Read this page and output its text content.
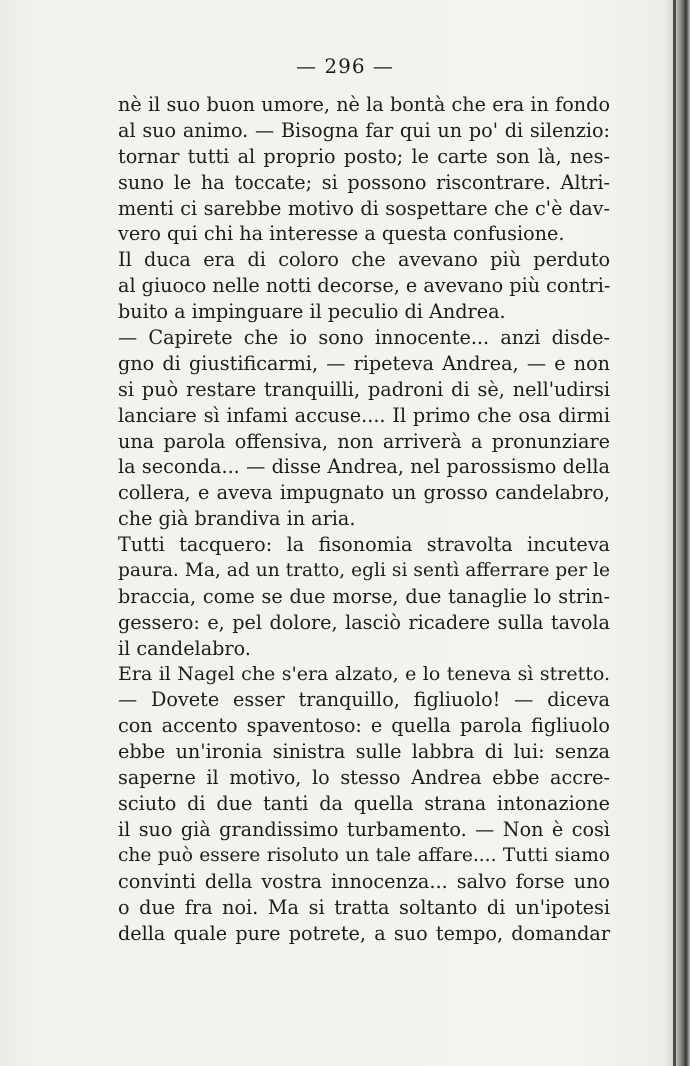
— 296 —
nè il suo buon umore, nè la bontà che era in fondo
al suo animo. — Bisogna far qui un po' di silenzio:
tornar tutti al proprio posto; le carte son là, nes-
suno le ha toccate; si possono riscontrare. Altri-
menti ci sarebbe motivo di sospettare che c'è dav-
vero qui chi ha interesse a questa confusione.
Il duca era di coloro che avevano più perduto
al giuoco nelle notti decorse, e avevano più contri-
buito a impinguare il peculio di Andrea.
— Capirete che io sono innocente... anzi disde-
gno di giustificarmi, — ripeteva Andrea, — e non
si può restare tranquilli, padroni di sè, nell'udirsi
lanciare sì infami accuse.... Il primo che osa dirmi
una parola offensiva, non arriverà a pronunziare
la seconda... — disse Andrea, nel parossismo della
collera, e aveva impugnato un grosso candelabro,
che già brandiva in aria.
Tutti tacquero: la fisonomia stravolta incuteva
paura. Ma, ad un tratto, egli si sentì afferrare per le
braccia, come se due morse, due tanaglie lo strin-
gessero: e, pel dolore, lasciò ricadere sulla tavola
il candelabro.
Era il Nagel che s'era alzato, e lo teneva sì stretto.
— Dovete esser tranquillo, figliuolo! — diceva
con accento spaventoso: e quella parola figliuolo
ebbe un'ironia sinistra sulle labbra di lui: senza
saperne il motivo, lo stesso Andrea ebbe accre-
sciuto di due tanti da quella strana intonazione
il suo già grandissimo turbamento. — Non è così
che può essere risoluto un tale affare.... Tutti siamo
convinti della vostra innocenza... salvo forse uno
o due fra noi. Ma si tratta soltanto di un'ipotesi
della quale pure potrete, a suo tempo, domandar
